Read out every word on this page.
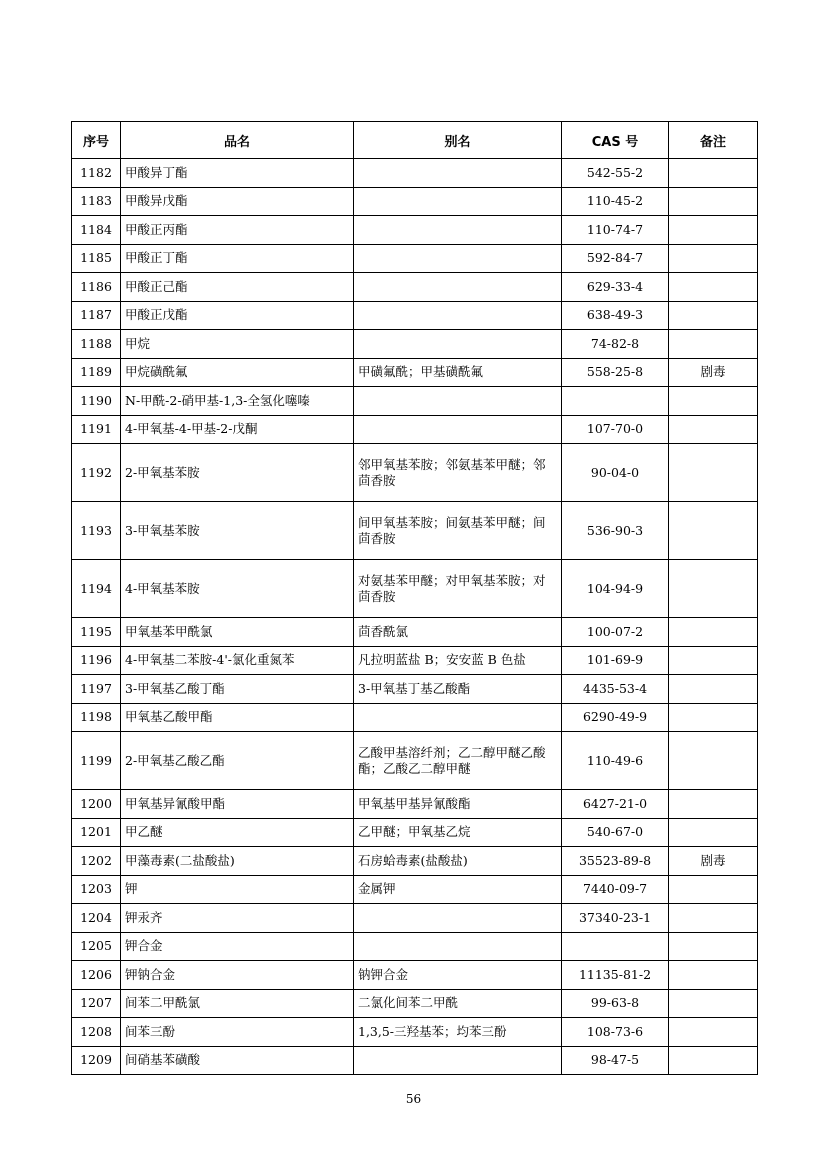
序号	品名	别名	CAS 号	备注
1182	甲酸异丁酯		542-55-2	
1183	甲酸异戊酯		110-45-2	
1184	甲酸正丙酯		110-74-7	
1185	甲酸正丁酯		592-84-7	
1186	甲酸正己酯		629-33-4	
1187	甲酸正戊酯		638-49-3	
1188	甲烷		74-82-8	
1189	甲烷磺酰氟	甲磺氟酰；甲基磺酰氟	558-25-8	剧毒
1190	N-甲酰-2-硝甲基-1,3-全氢化噻嗪			
1191	4-甲氧基-4-甲基-2-戊酮		107-70-0	
1192	2-甲氧基苯胺	邻甲氧基苯胺；邻氨基苯甲醚；邻茴香胺	90-04-0	
1193	3-甲氧基苯胺	间甲氧基苯胺；间氨基苯甲醚；间茴香胺	536-90-3	
1194	4-甲氧基苯胺	对氨基苯甲醚；对甲氧基苯胺；对茴香胺	104-94-9	
1195	甲氧基苯甲酰氯	茴香酰氯	100-07-2	
1196	4-甲氧基二苯胺-4'-氯化重氮苯	凡拉明蓝盐 B；安安蓝 B 色盐	101-69-9	
1197	3-甲氧基乙酸丁酯	3-甲氧基丁基乙酸酯	4435-53-4	
1198	甲氧基乙酸甲酯		6290-49-9	
1199	2-甲氧基乙酸乙酯	乙酸甲基溶纤剂；乙二醇甲醚乙酸酯；乙酸乙二醇甲醚	110-49-6	
1200	甲氧基异氰酸甲酯	甲氧基甲基异氰酸酯	6427-21-0	
1201	甲乙醚	乙甲醚；甲氧基乙烷	540-67-0	
1202	甲藻毒素(二盐酸盐)	石房蛤毒素(盐酸盐)	35523-89-8	剧毒
1203	钾	金属钾	7440-09-7	
1204	钾汞齐		37340-23-1	
1205	钾合金			
1206	钾钠合金	钠钾合金	11135-81-2	
1207	间苯二甲酰氯	二氯化间苯二甲酰	99-63-8	
1208	间苯三酚	1,3,5-三羟基苯；均苯三酚	108-73-6	
1209	间硝基苯磺酸		98-47-5	
56
